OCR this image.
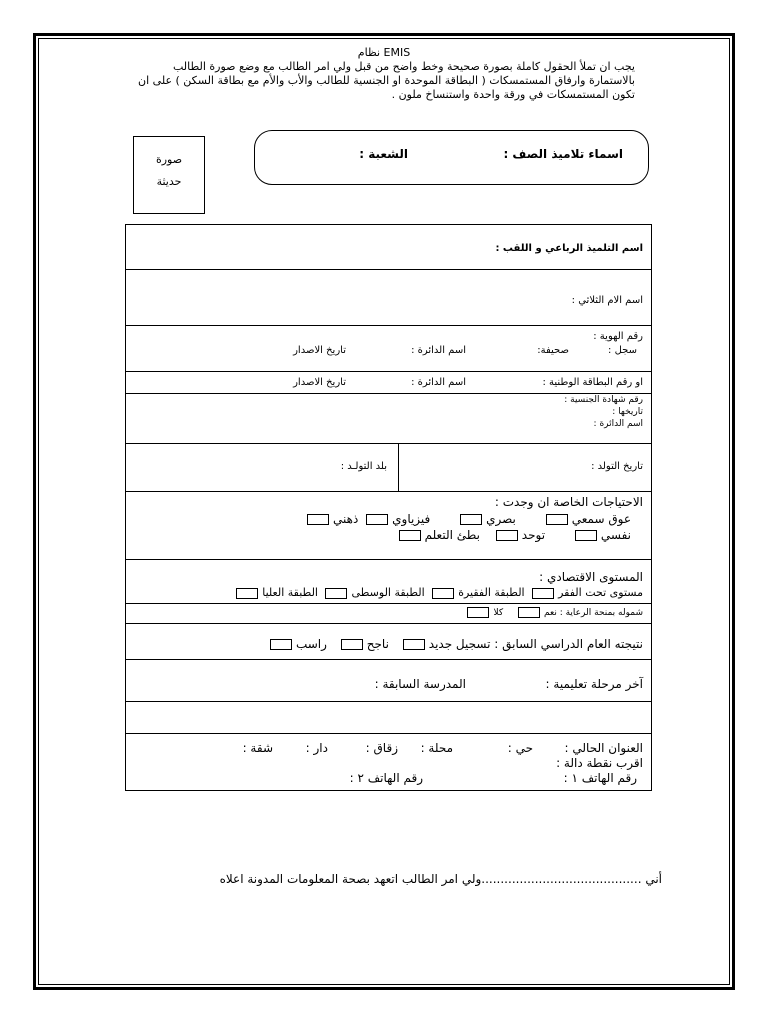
نظام EMIS
يجب ان تملأ الحقول كاملة بصورة صحيحة وخط واضح من قبل ولي امر الطالب مع وضع صورة الطالب
بالاستمارة وارفاق المستمسكات ( البطاقة الموحدة او الجنسية للطالب والأب والأم مع بطاقة السكن ) على ان
تكون المستمسكات في ورقة واحدة واستنساخ ملون .
صورة
حديثة
اسماء تلاميذ الصف :
الشعبة :
اسم التلميذ الرباعي و اللقب :
اسم الام الثلاثي :
رقم الهوية :
سجل :
صحيفة:
اسم الدائرة :
تاريخ الاصدار
او رقم البطاقة الوطنية :
اسم الدائرة :
تاريخ الاصدار
رقم شهادة الجنسية :
تاريخها :
اسم الدائرة :
تاريخ التولد :
بلد التولـد :
الاحتياجات الخاصة ان وجدت :
عوق سمعي بصري فيزياوي ذهني
نفسي توحد بطئ التعلم
المستوى الاقتصادي :
مستوى تحت الفقر الطبقة الفقيرة الطبقة الوسطى الطبقة العليا
شموله بمنحة الرعاية : نعم كلا
نتيجته العام الدراسي السابق : تسجيل جديد ناجح راسب
آخر مرحلة تعليمية :
المدرسة السابقة :
العنوان الحالي :
حي :
محلة :
زقاق :
دار :
شقة :
اقرب نقطة دالة :
رقم الهاتف ١ :
رقم الهاتف ٢ :
أني ..........................................ولي امر الطالب اتعهد بصحة المعلومات المدونة اعلاه
